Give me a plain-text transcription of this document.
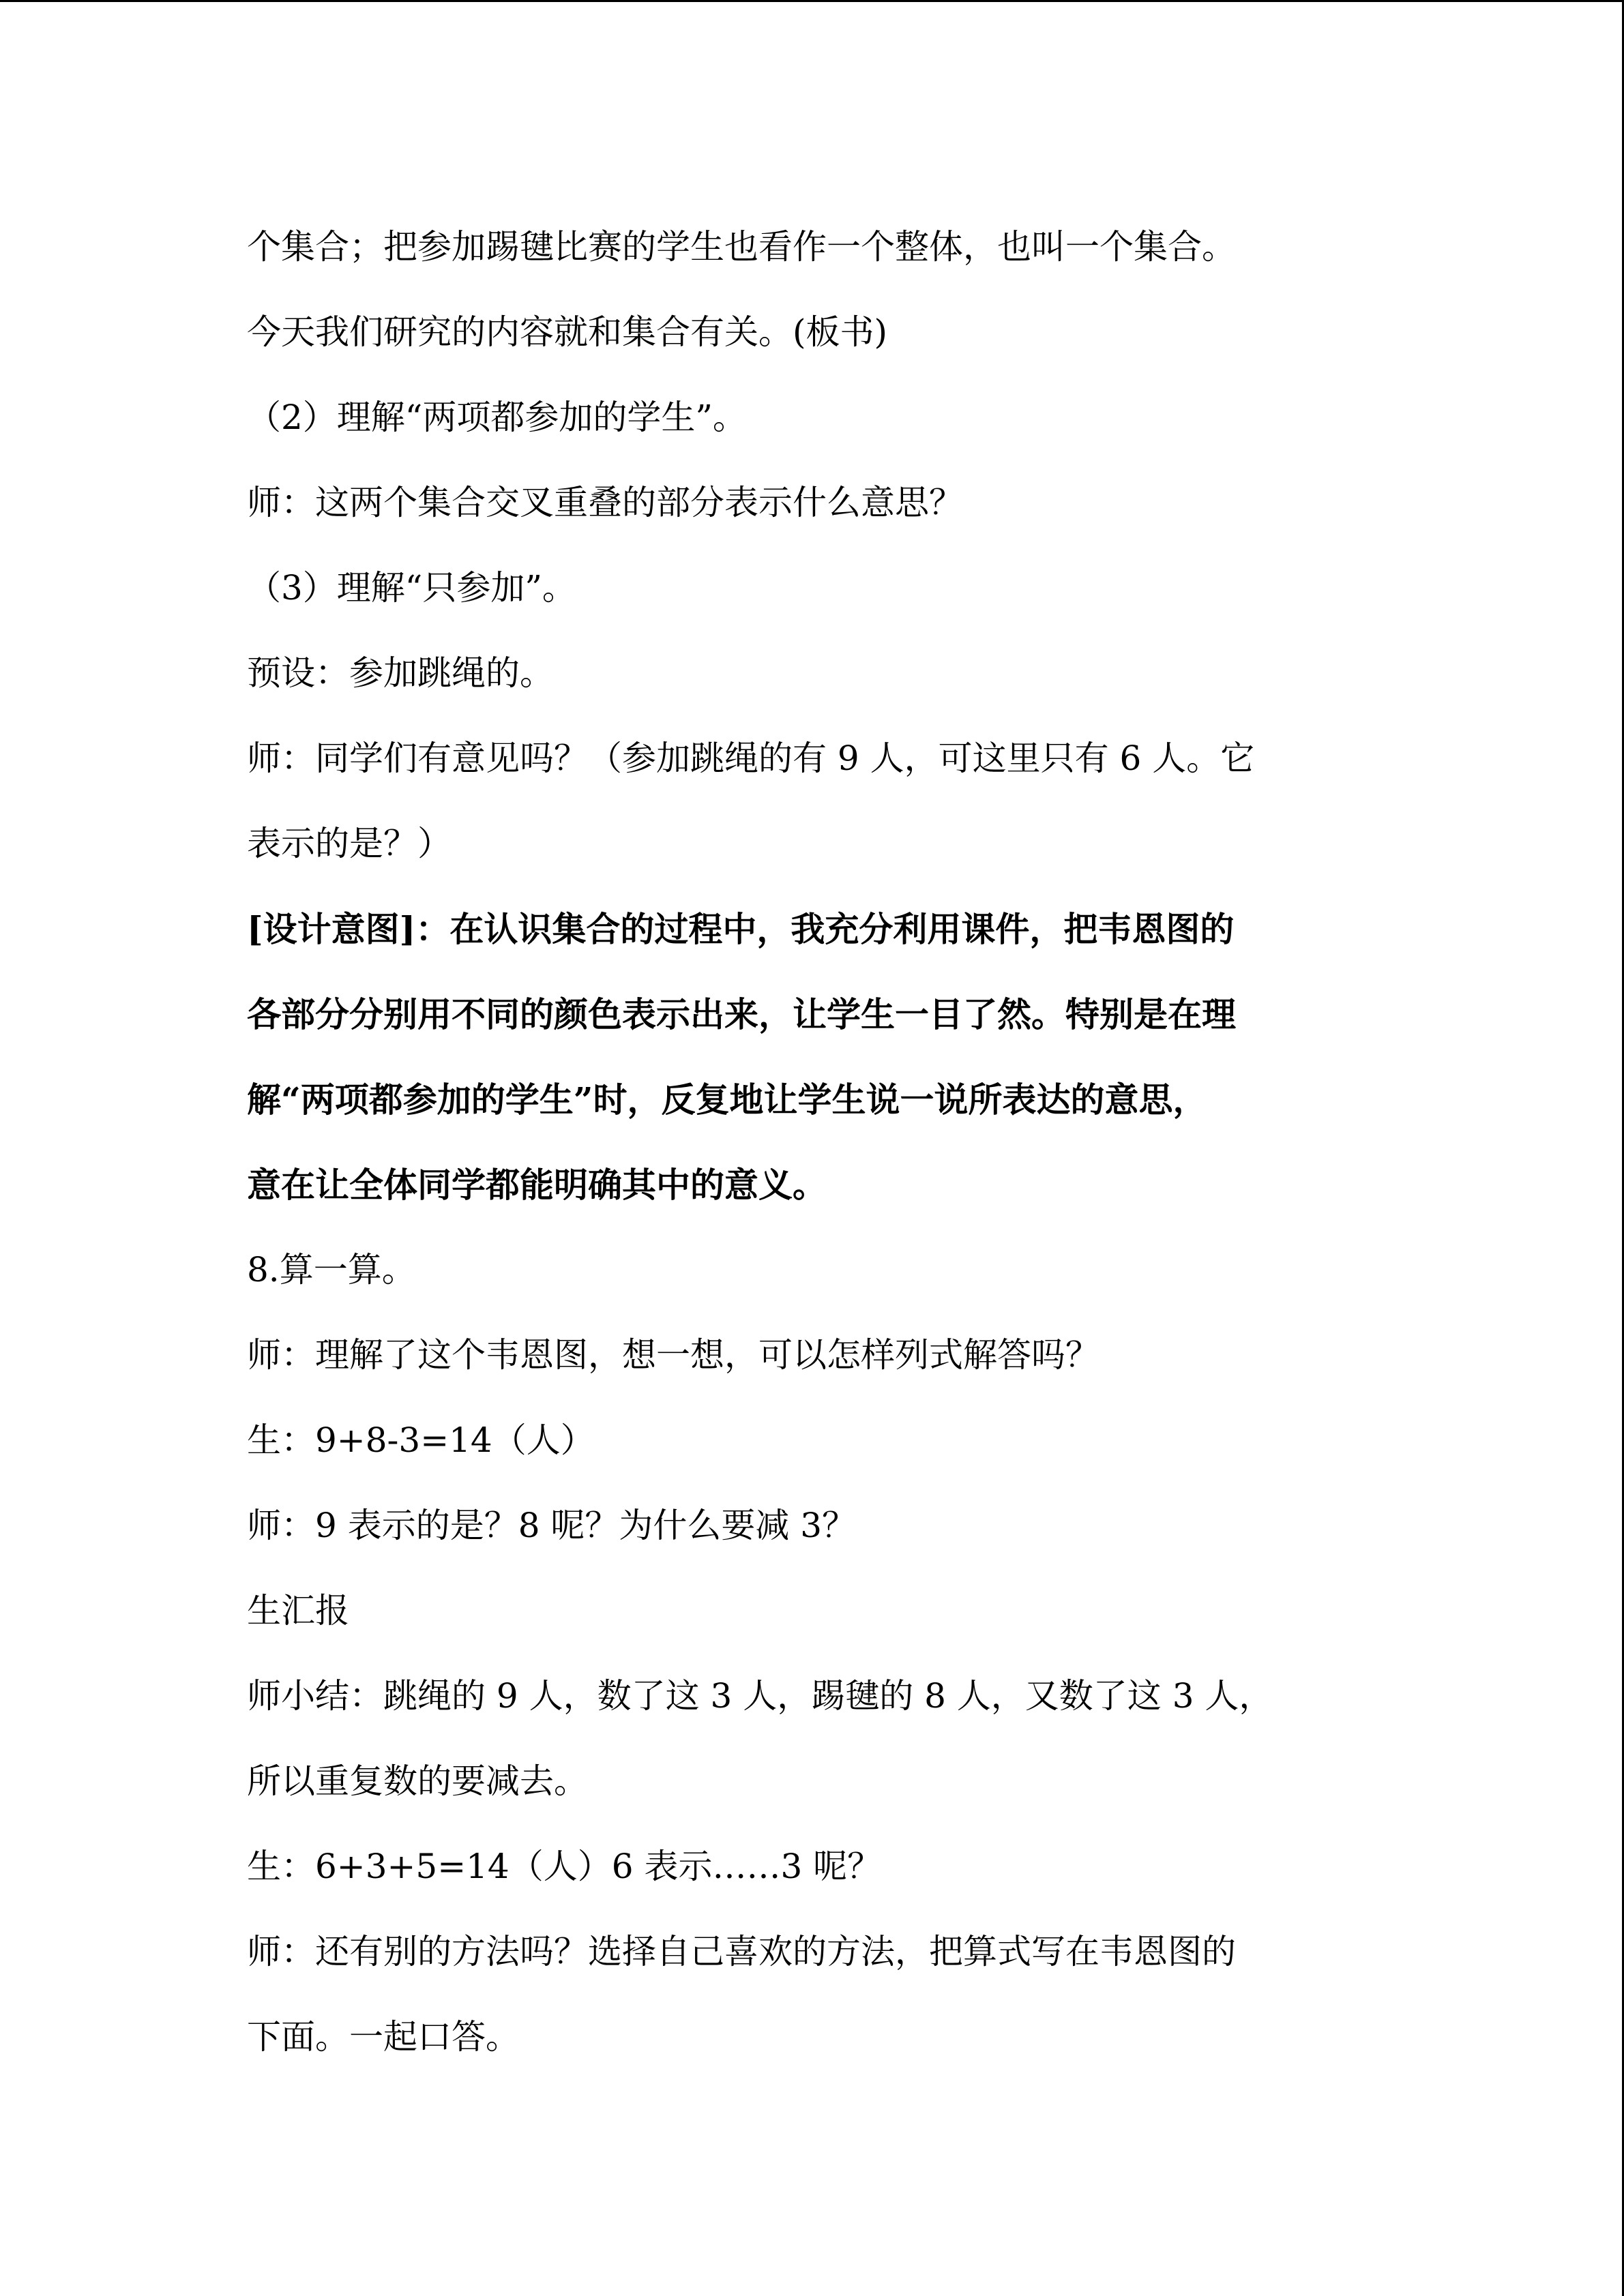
个集合；把参加踢毽比赛的学生也看作一个整体，也叫一个集合。
今天我们研究的内容就和集合有关。(板书)
（2）理解“两项都参加的学生”。
师：这两个集合交叉重叠的部分表示什么意思？
（3）理解“只参加”。
预设：参加跳绳的。
师：同学们有意见吗？（参加跳绳的有 9 人，可这里只有 6 人。它
表示的是？）
[设计意图]：在认识集合的过程中，我充分利用课件，把韦恩图的
各部分分别用不同的颜色表示出来，让学生一目了然。特别是在理
解“两项都参加的学生”时，反复地让学生说一说所表达的意思，
意在让全体同学都能明确其中的意义。
8.算一算。
师：理解了这个韦恩图，想一想，可以怎样列式解答吗？
生：9+8-3=14（人）
师：9 表示的是？8 呢？为什么要减 3？
生汇报
师小结：跳绳的 9 人，数了这 3 人，踢毽的 8 人，又数了这 3 人，
所以重复数的要减去。
生：6+3+5=14（人）6 表示……3 呢？
师：还有别的方法吗？选择自己喜欢的方法，把算式写在韦恩图的
下面。一起口答。
